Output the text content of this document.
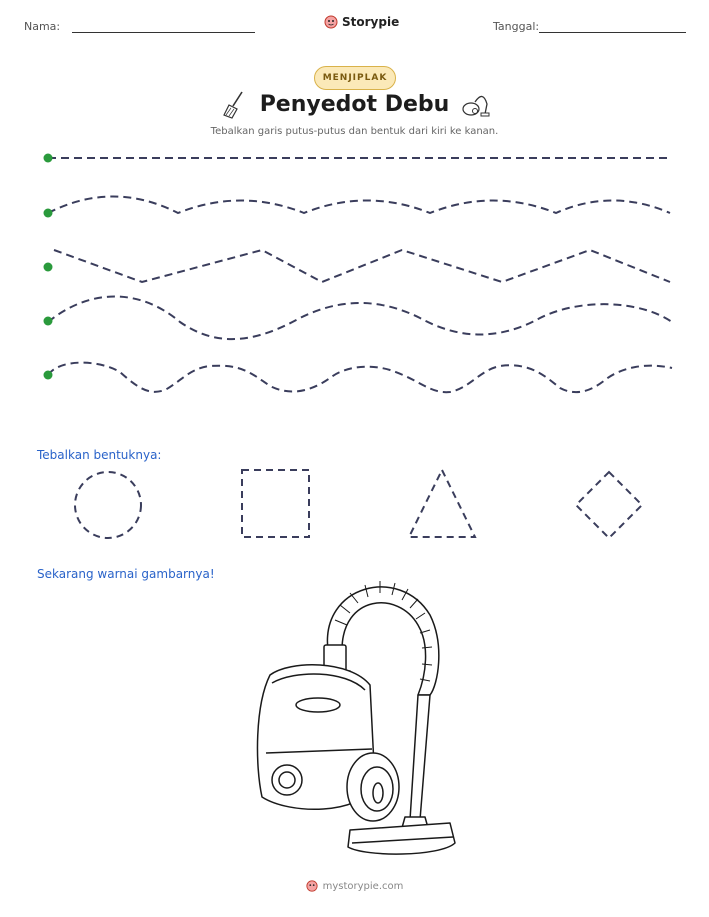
Nama:	Storypie	Tanggal:
MENJIPLAK
Penyedot Debu
Tebalkan garis putus-putus dan bentuk dari kiri ke kanan.
Tebalkan bentuknya:
Sekarang warnai gambarnya!
mystorypie.com
